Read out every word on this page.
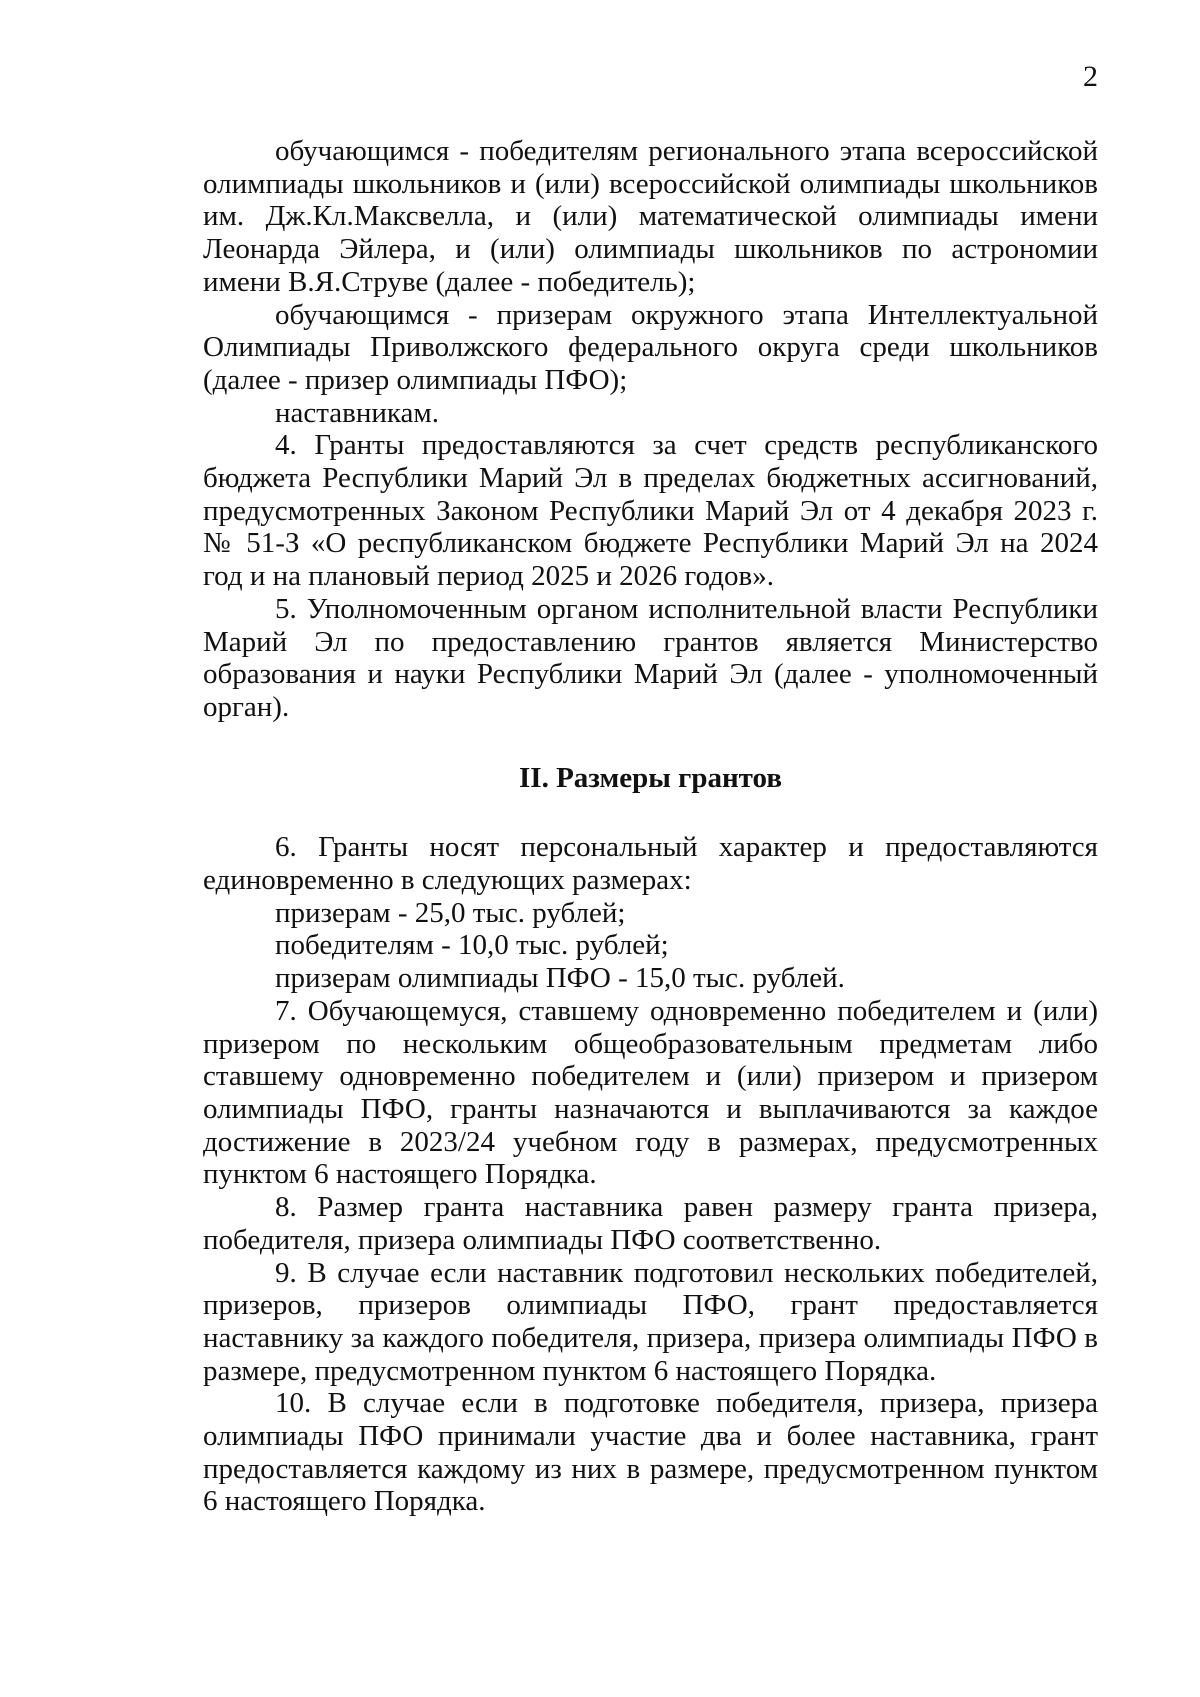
2

обучающимся - победителям регионального этапа всероссийской олимпиады школьников и (или) всероссийской олимпиады школьников им. Дж.Кл.Максвелла, и (или) математической олимпиады имени Леонарда Эйлера, и (или) олимпиады школьников по астрономии имени В.Я.Струве (далее - победитель);

обучающимся - призерам окружного этапа Интеллектуальной Олимпиады Приволжского федерального округа среди школьников (далее - призер олимпиады ПФО);

наставникам.

4. Гранты предоставляются за счет средств республиканского бюджета Республики Марий Эл в пределах бюджетных ассигнований, предусмотренных Законом Республики Марий Эл от 4 декабря 2023 г. № 51-З «О республиканском бюджете Республики Марий Эл на 2024 год и на плановый период 2025 и 2026 годов».

5. Уполномоченным органом исполнительной власти Республики Марий Эл по предоставлению грантов является Министерство образования и науки Республики Марий Эл (далее - уполномоченный орган).

II. Размеры грантов

6. Гранты носят персональный характер и предоставляются единовременно в следующих размерах:

призерам - 25,0 тыс. рублей;

победителям - 10,0 тыс. рублей;

призерам олимпиады ПФО - 15,0 тыс. рублей.

7. Обучающемуся, ставшему одновременно победителем и (или) призером по нескольким общеобразовательным предметам либо ставшему одновременно победителем и (или) призером и призером олимпиады ПФО, гранты назначаются и выплачиваются за каждое достижение в 2023/24 учебном году в размерах, предусмотренных пунктом 6 настоящего Порядка.

8. Размер гранта наставника равен размеру гранта призера, победителя, призера олимпиады ПФО соответственно.

9. В случае если наставник подготовил нескольких победителей, призеров, призеров олимпиады ПФО, грант предоставляется наставнику за каждого победителя, призера, призера олимпиады ПФО в размере, предусмотренном пунктом 6 настоящего Порядка.

10. В случае если в подготовке победителя, призера, призера олимпиады ПФО принимали участие два и более наставника, грант предоставляется каждому из них в размере, предусмотренном пунктом 6 настоящего Порядка.
